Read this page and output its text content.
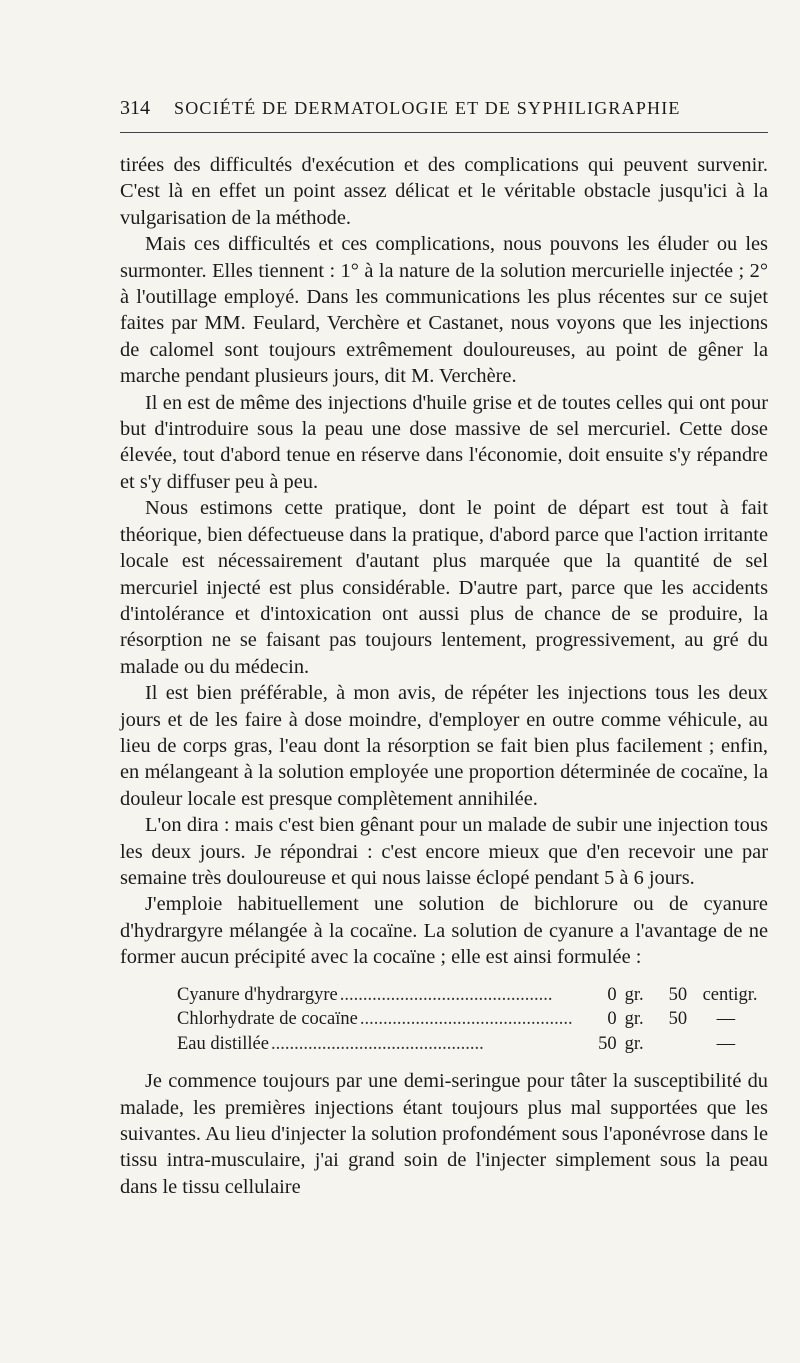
314 SOCIÉTÉ DE DERMATOLOGIE ET DE SYPHILIGRAPHIE

tirées des difficultés d'exécution et des complications qui peuvent survenir. C'est là en effet un point assez délicat et le véritable obstacle jusqu'ici à la vulgarisation de la méthode.

Mais ces difficultés et ces complications, nous pouvons les éluder ou les surmonter. Elles tiennent : 1° à la nature de la solution mercurielle injectée ; 2° à l'outillage employé. Dans les communications les plus récentes sur ce sujet faites par MM. Feulard, Verchère et Castanet, nous voyons que les injections de calomel sont toujours extrêmement douloureuses, au point de gêner la marche pendant plusieurs jours, dit M. Verchère.

Il en est de même des injections d'huile grise et de toutes celles qui ont pour but d'introduire sous la peau une dose massive de sel mercuriel. Cette dose élevée, tout d'abord tenue en réserve dans l'économie, doit ensuite s'y répandre et s'y diffuser peu à peu.

Nous estimons cette pratique, dont le point de départ est tout à fait théorique, bien défectueuse dans la pratique, d'abord parce que l'action irritante locale est nécessairement d'autant plus marquée que la quantité de sel mercuriel injecté est plus considérable. D'autre part, parce que les accidents d'intolérance et d'intoxication ont aussi plus de chance de se produire, la résorption ne se faisant pas toujours lentement, progressivement, au gré du malade ou du médecin.

Il est bien préférable, à mon avis, de répéter les injections tous les deux jours et de les faire à dose moindre, d'employer en outre comme véhicule, au lieu de corps gras, l'eau dont la résorption se fait bien plus facilement ; enfin, en mélangeant à la solution employée une proportion déterminée de cocaïne, la douleur locale est presque complètement annihilée.

L'on dira : mais c'est bien gênant pour un malade de subir une injection tous les deux jours. Je répondrai : c'est encore mieux que d'en recevoir une par semaine très douloureuse et qui nous laisse éclopé pendant 5 à 6 jours.

J'emploie habituellement une solution de bichlorure ou de cyanure d'hydrargyre mélangée à la cocaïne. La solution de cyanure a l'avantage de ne former aucun précipité avec la cocaïne ; elle est ainsi formulée :

Cyanure d'hydrargyre ..............................................	0	gr.	50	centigr.
Chlorhydrate de cocaïne ..............................................	0	gr.	50	—
Eau distillée ..............................................	50	gr.		—

Je commence toujours par une demi-seringue pour tâter la susceptibilité du malade, les premières injections étant toujours plus mal supportées que les suivantes. Au lieu d'injecter la solution profondément sous l'aponévrose dans le tissu intra-musculaire, j'ai grand soin de l'injecter simplement sous la peau dans le tissu cellulaire
